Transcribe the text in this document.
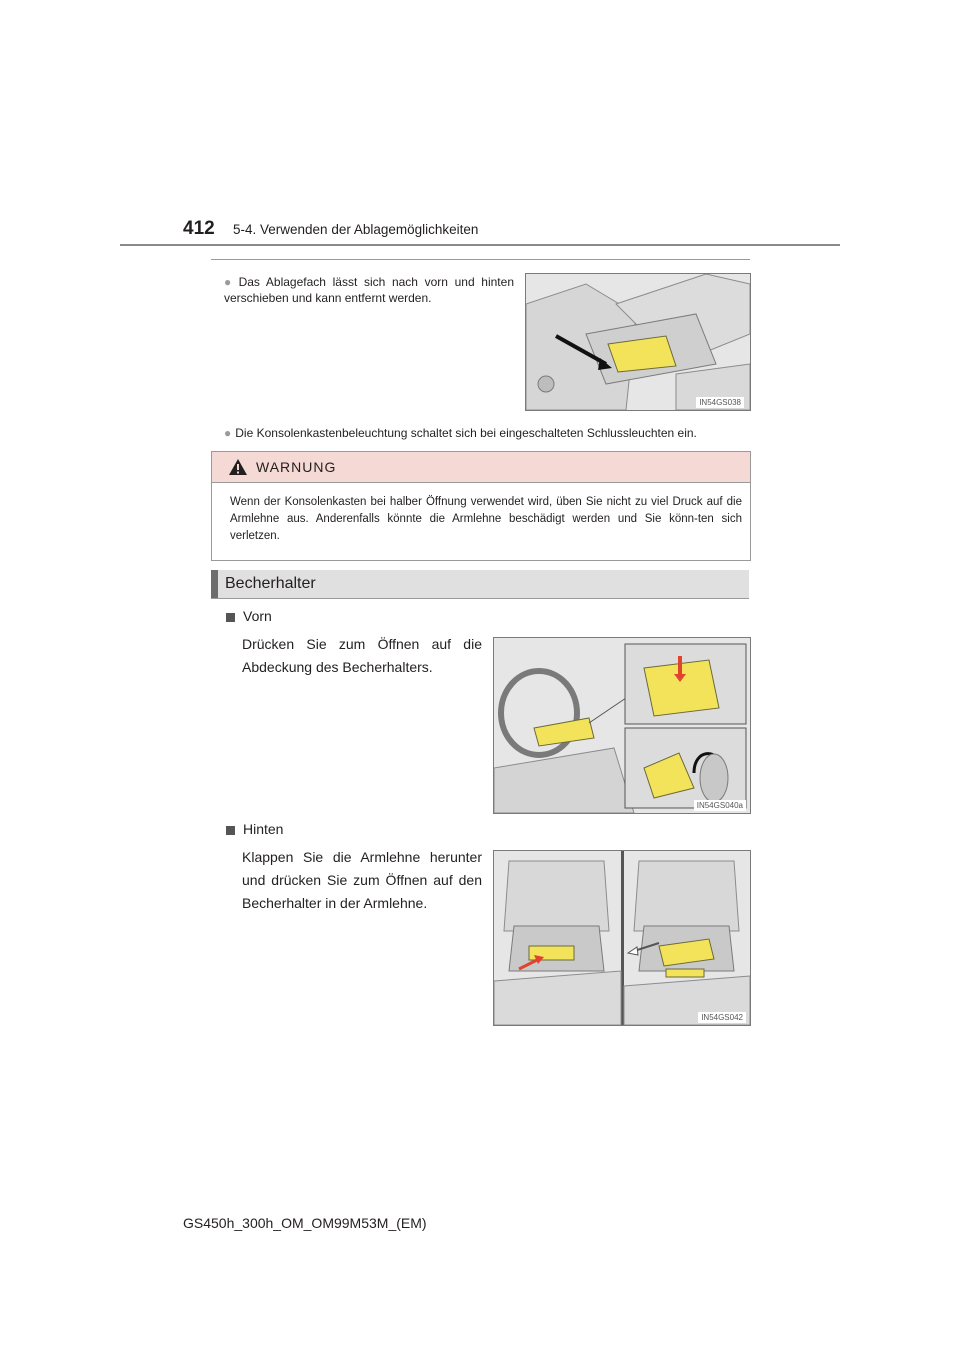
412 5-4. Verwenden der Ablagemöglichkeiten
● Das Ablagefach lässt sich nach vorn und hinten verschieben und kann entfernt werden.
IN54GS038
● Die Konsolenkastenbeleuchtung schaltet sich bei eingeschalteten Schlussleuchten ein.
WARNUNG
Wenn der Konsolenkasten bei halber Öffnung verwendet wird, üben Sie nicht zu viel Druck auf die Armlehne aus. Anderenfalls könnte die Armlehne beschädigt werden und Sie könn-ten sich verletzen.
Becherhalter
Vorn
Drücken Sie zum Öffnen auf die Abdeckung des Becherhalters.
IN54GS040a
Hinten
Klappen Sie die Armlehne herunter und drücken Sie zum Öffnen auf den Becherhalter in der Armlehne.
IN54GS042
GS450h_300h_OM_OM99M53M_(EM)
